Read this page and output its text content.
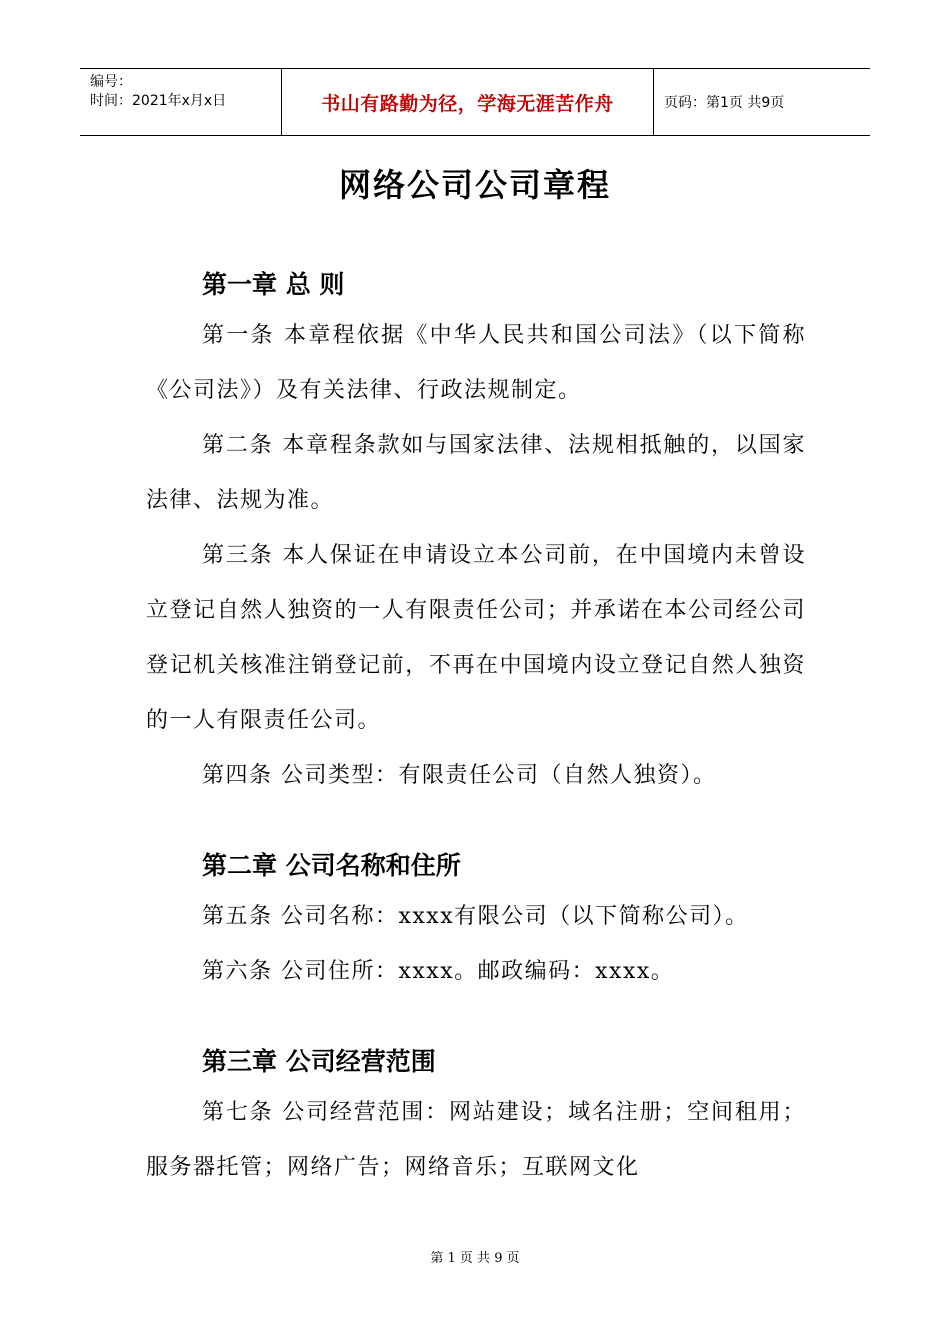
编号：
时间：2021年x月x日	书山有路勤为径，学海无涯苦作舟	页码：第1页 共9页
网络公司公司章程
第一章 总 则

第一条 本章程依据《中华人民共和国公司法》（以下简称《公司法》）及有关法律、行政法规制定。

第二条 本章程条款如与国家法律、法规相抵触的，以国家法律、法规为准。

第三条 本人保证在申请设立本公司前，在中国境内未曾设立登记自然人独资的一人有限责任公司；并承诺在本公司经公司登记机关核准注销登记前，不再在中国境内设立登记自然人独资的一人有限责任公司。

第四条 公司类型：有限责任公司（自然人独资）。

第二章 公司名称和住所

第五条 公司名称：xxxx有限公司（以下简称公司）。

第六条 公司住所：xxxx。邮政编码：xxxx。

第三章 公司经营范围

第七条 公司经营范围：网站建设；域名注册；空间租用；服务器托管；网络广告；网络音乐；互联网文化

第 1 页 共 9 页
